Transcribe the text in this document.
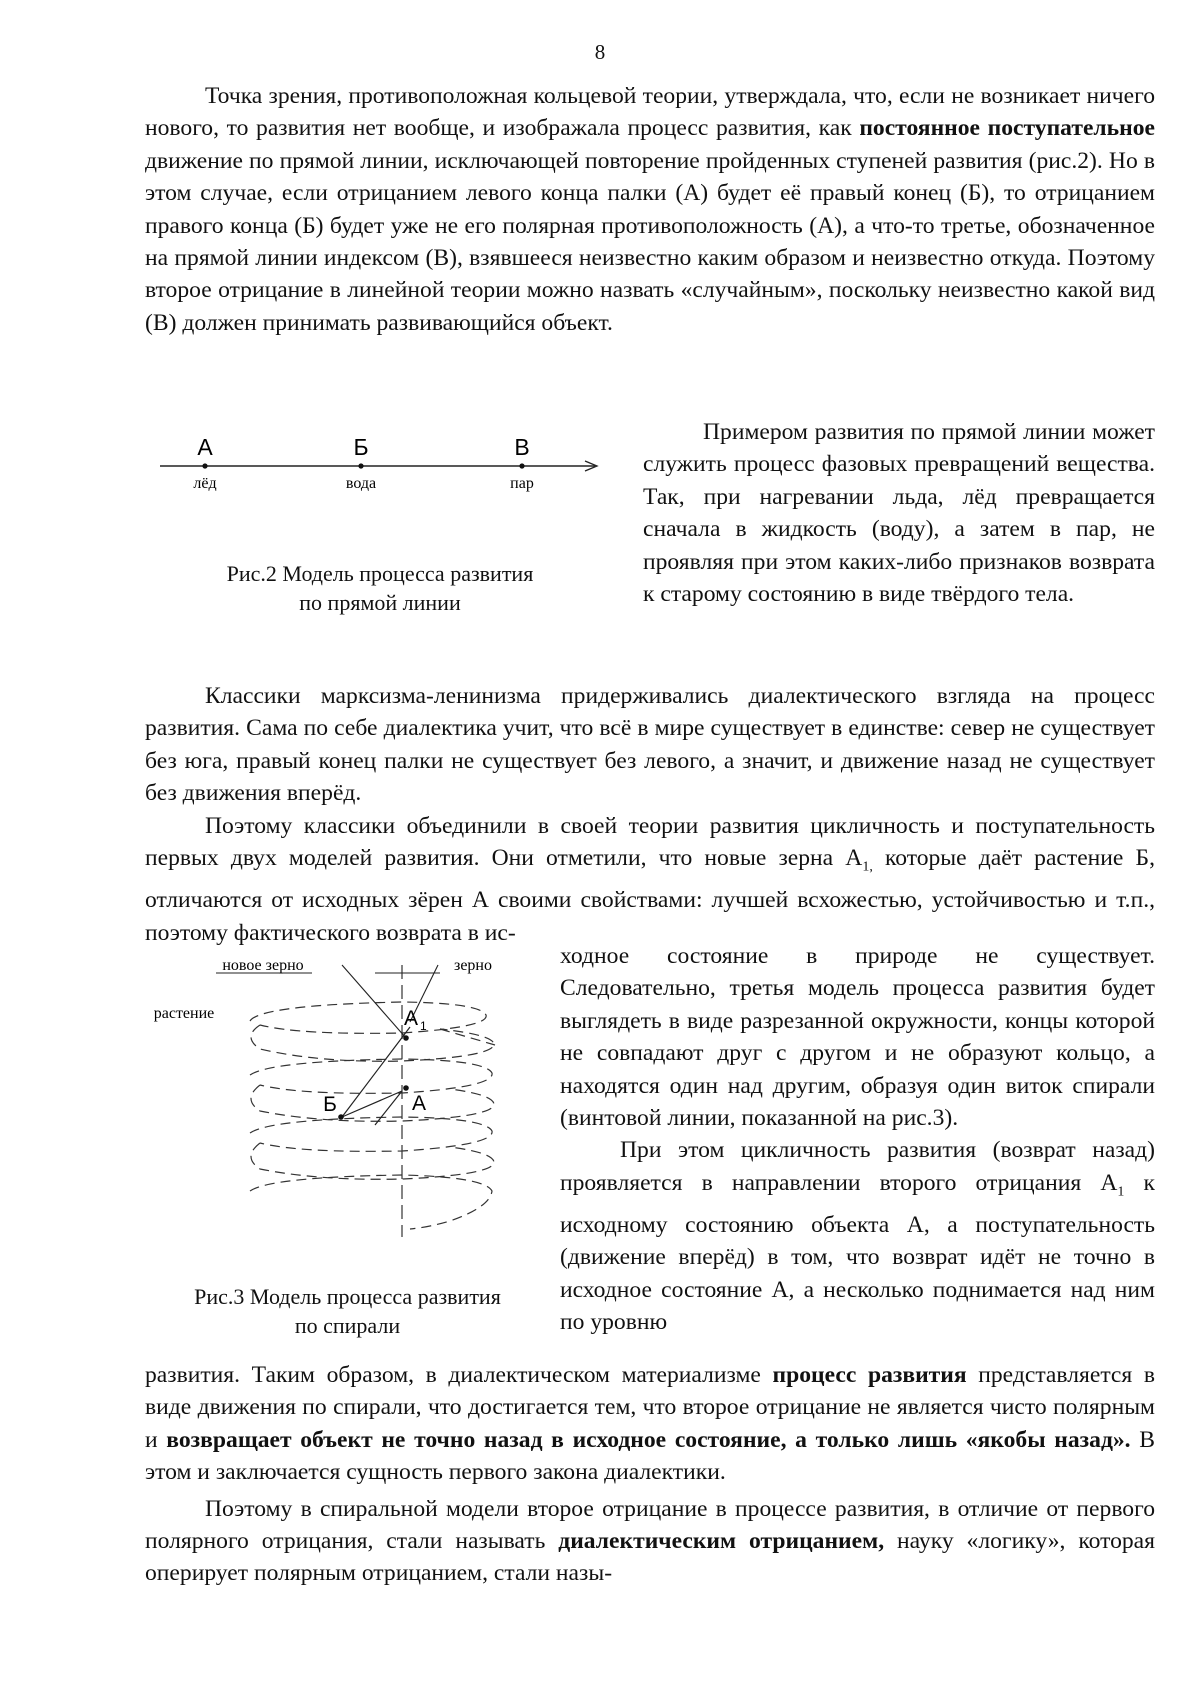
8

Точка зрения, противоположная кольцевой теории, утверждала, что, если не возникает ничего нового, то развития нет вообще, и изображала процесс развития, как постоянное поступательное движение по прямой линии, исключающей повторение пройденных ступеней развития (рис.2). Но в этом случае, если отрицанием левого конца палки (А) будет её правый конец (Б), то отрицанием правого конца (Б) будет уже не его полярная противоположность (А), а что-то третье, обозначенное на прямой линии индексом (В), взявшееся неизвестно каким образом и неизвестно откуда. Поэтому второе отрицание в линейной теории можно назвать «случайным», поскольку неизвестно какой вид (В) должен принимать развивающийся объект.

А	Б	В
лёд	вода	пар
Рис.2 Модель процесса развития
по прямой линии

Примером развития по прямой линии может служить процесс фазовых превращений вещества. Так, при нагревании льда, лёд превращается сначала в жидкость (воду), а затем в пар, не проявляя при этом каких-либо признаков возврата к старому состоянию в виде твёрдого тела.

Классики марксизма-ленинизма придерживались диалектического взгляда на процесс развития. Сама по себе диалектика учит, что всё в мире существует в единстве: север не существует без юга, правый конец палки не существует без левого, а значит, и движение назад не существует без движения вперёд.

Поэтому классики объединили в своей теории развития цикличность и поступательность первых двух моделей развития. Они отметили, что новые зерна $А_{1,}$ которые даёт растение Б, отличаются от исходных зёрен А своими свойствами: лучшей всхожестью, устойчивостью и т.п., поэтому фактического возврата в ис-

новое зерно	зерно
растение	А 1
Б	А
Рис.3 Модель процесса развития
по спирали

ходное состояние в природе не существует. Следовательно, третья модель процесса развития будет выглядеть в виде разрезанной окружности, концы которой не совпадают друг с другом и не образуют кольцо, а находятся один над другим, образуя один виток спирали (винтовой линии, показанной на рис.3).

При этом цикличность развития (возврат назад) проявляется в направлении второго отрицания $А_1$ к исходному состоянию объекта А, а поступательность (движение вперёд) в том, что возврат идёт не точно в исходное состояние А, а несколько поднимается над ним по уровню

развития. Таким образом, в диалектическом материализме процесс развития представляется в виде движения по спирали, что достигается тем, что второе отрицание не является чисто полярным и возвращает объект не точно назад в исходное состояние, а только лишь «якобы назад». В этом и заключается сущность первого закона диалектики.

Поэтому в спиральной модели второе отрицание в процессе развития, в отличие от первого полярного отрицания, стали называть диалектическим отрицанием, науку «логику», которая оперирует полярным отрицанием, стали назы-
